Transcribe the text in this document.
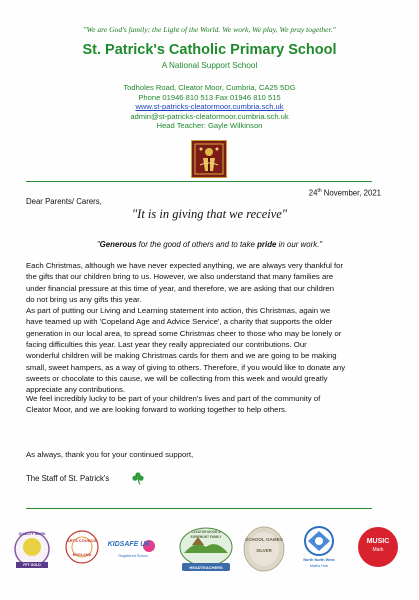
"We are God's family; the Light of the World. We work, We play, We pray together."
St. Patrick's Catholic Primary School
A National Support School
Todholes Road, Cleator Moor, Cumbria, CA25 5DG
Phone 01946 810 513 Fax 01946 810 515
www.st-patricks-cleatormoor.cumbria.sch.uk
admin@st-patricks-cleatormoor.cumbria.sch.uk
Head Teacher: Gayle Wilkinson
24th November, 2021
Dear Parents/ Carers,
"It is in giving that we receive"
"Generous for the good of others and to take pride in our work."
Each Christmas, although we have never expected anything, we are always very thankful for
the gifts that our children bring to us. However, we also understand that many families are
under financial pressure at this time of year, and therefore, we are asking that our children
do not bring us any gifts this year.
As part of putting our Living and Learning statement into action, this Christmas, again we
have teamed up with 'Copeland Age and Advice Service', a charity that supports the older
generation in our local area, to spread some Christmas cheer to those who may be lonely or
facing difficulties this year. Last year they really appreciated our contributions. Our
wonderful children will be making Christmas cards for them and we are going to be making
small, sweet hampers, as a way of giving to others. Therefore, if you would like to donate any
sweets or chocolate to this cause, we will be collecting from this week and would greatly
appreciate any contributions.
We feel incredibly lucky to be part of your children's lives and part of the community of
Cleator Moor, and we are looking forward to working together to help others.
As always, thank you for your continued support,
The Staff of St. Patrick's
QUALITY MARK
FFT GOLD
ARTS COUNCIL
ENGLAND
KIDSAFE UK
Registered School
CLEATOR MOOR & EGREMONT FAMILY
HEADTEACHERS
SCHOOL GAMES
SILVER
North North West
Maths Hub
MUSIC
Mark
